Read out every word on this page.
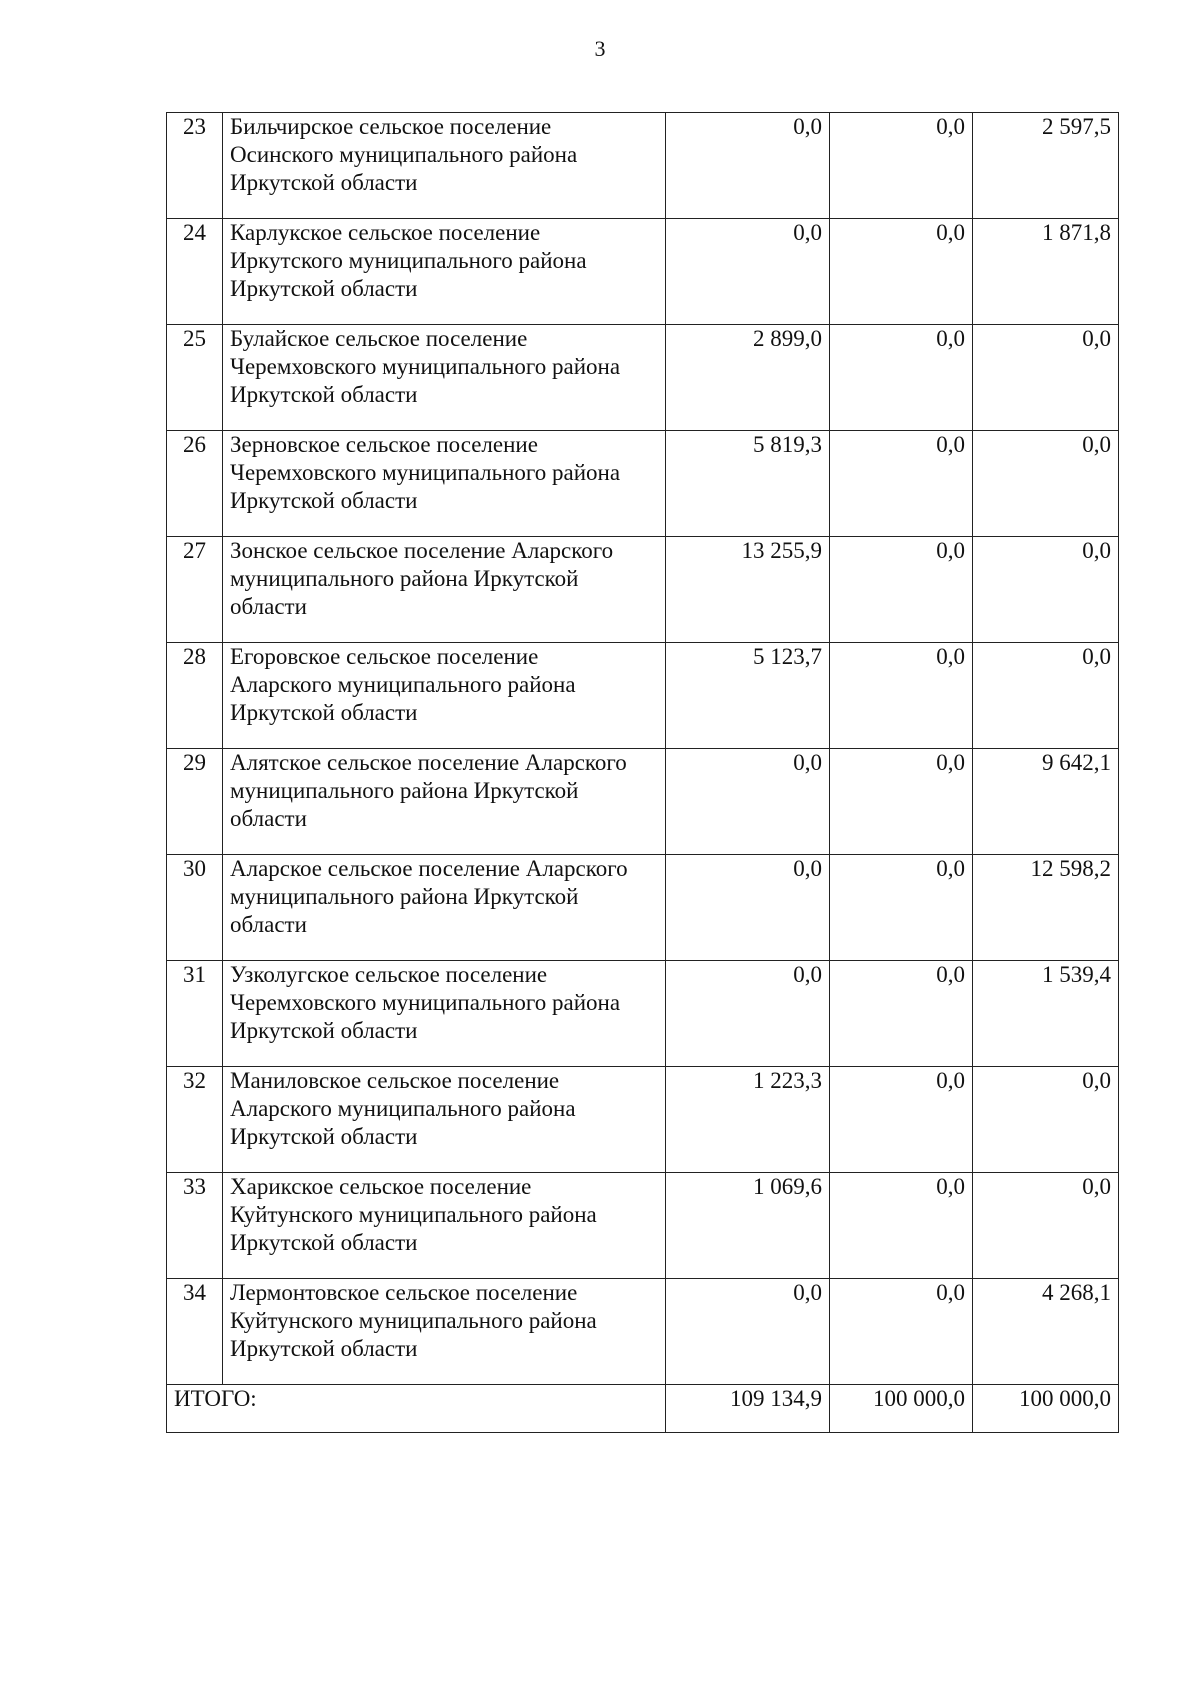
3
23	Бильчирское сельское поселение
Осинского муниципального района
Иркутской области	0,0	0,0	2 597,5
24	Карлукское сельское поселение
Иркутского муниципального района
Иркутской области	0,0	0,0	1 871,8
25	Булайское сельское поселение
Черемховского муниципального района
Иркутской области	2 899,0	0,0	0,0
26	Зерновское сельское поселение
Черемховского муниципального района
Иркутской области	5 819,3	0,0	0,0
27	Зонское сельское поселение Аларского
муниципального района Иркутской
области	13 255,9	0,0	0,0
28	Егоровское сельское поселение
Аларского муниципального района
Иркутской области	5 123,7	0,0	0,0
29	Алятское сельское поселение Аларского
муниципального района Иркутской
области	0,0	0,0	9 642,1
30	Аларское сельское поселение Аларского
муниципального района Иркутской
области	0,0	0,0	12 598,2
31	Узколугское сельское поселение
Черемховского муниципального района
Иркутской области	0,0	0,0	1 539,4
32	Маниловское сельское поселение
Аларского муниципального района
Иркутской области	1 223,3	0,0	0,0
33	Харикское сельское поселение
Куйтунского муниципального района
Иркутской области	1 069,6	0,0	0,0
34	Лермонтовское сельское поселение
Куйтунского муниципального района
Иркутской области	0,0	0,0	4 268,1
ИТОГО:		109 134,9	100 000,0	100 000,0
